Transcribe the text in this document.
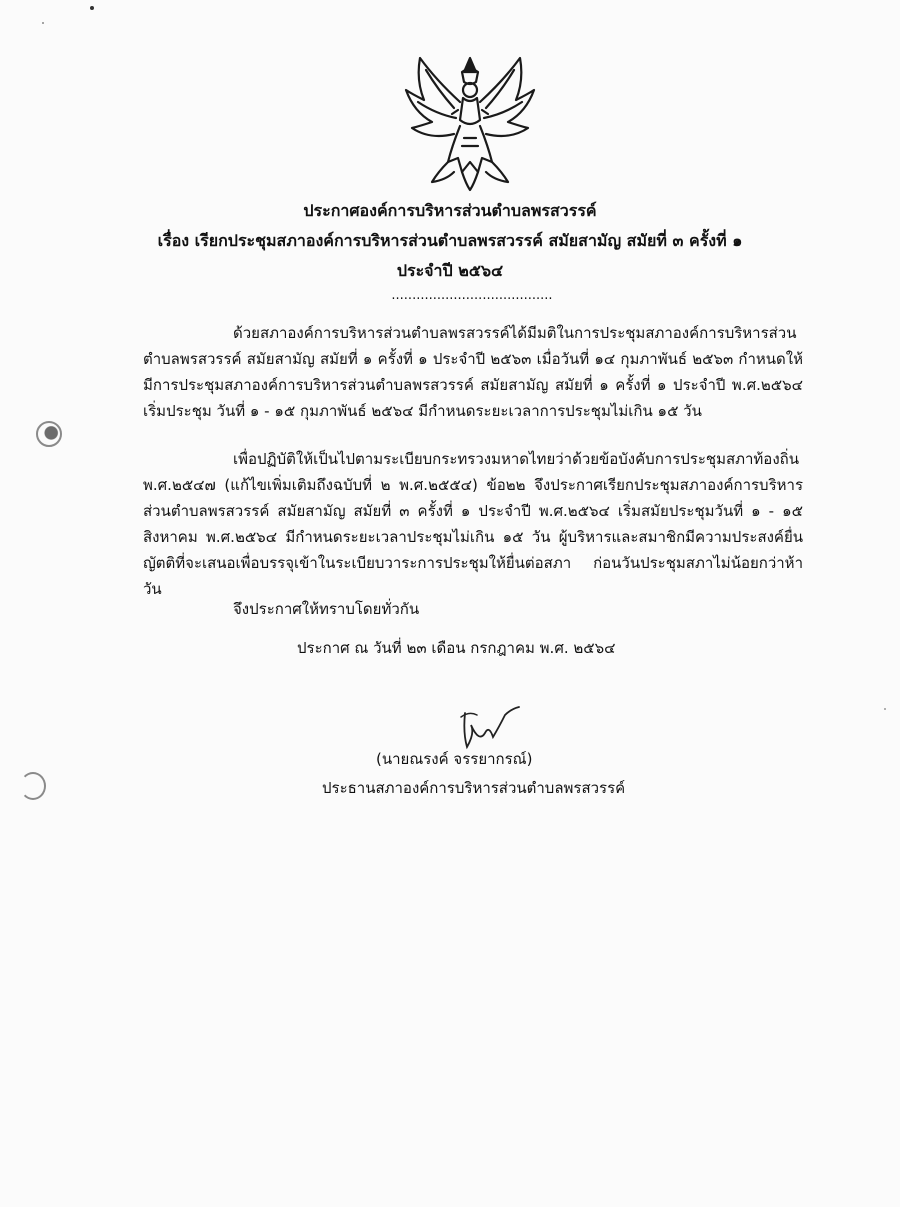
ประกาศองค์การบริหารส่วนตำบลพรสวรรค์
เรื่อง เรียกประชุมสภาองค์การบริหารส่วนตำบลพรสวรรค์ สมัยสามัญ สมัยที่ ๓ ครั้งที่ ๑
ประจำปี ๒๕๖๔
.......................................
ด้วยสภาองค์การบริหารส่วนตำบลพรสวรรค์ได้มีมติในการประชุมสภาองค์การบริหารส่วนตำบลพรสวรรค์ สมัยสามัญ สมัยที่ ๑ ครั้งที่ ๑ ประจำปี ๒๕๖๓ เมื่อวันที่ ๑๔ กุมภาพันธ์ ๒๕๖๓ กำหนดให้มีการประชุมสภาองค์การบริหารส่วนตำบลพรสวรรค์ สมัยสามัญ สมัยที่ ๑ ครั้งที่ ๑ ประจำปี พ.ศ.๒๕๖๔ เริ่มประชุม วันที่ ๑ - ๑๕ กุมภาพันธ์ ๒๕๖๔ มีกำหนดระยะเวลาการประชุมไม่เกิน ๑๕ วัน
เพื่อปฏิบัติให้เป็นไปตามระเบียบกระทรวงมหาดไทยว่าด้วยข้อบังคับการประชุมสภาท้องถิ่น พ.ศ.๒๕๔๗ (แก้ไขเพิ่มเติมถึงฉบับที่ ๒ พ.ศ.๒๕๕๔) ข้อ๒๒ จึงประกาศเรียกประชุมสภาองค์การบริหารส่วนตำบลพรสวรรค์ สมัยสามัญ สมัยที่ ๓ ครั้งที่ ๑ ประจำปี พ.ศ.๒๕๖๔ เริ่มสมัยประชุมวันที่ ๑ - ๑๕ สิงหาคม พ.ศ.๒๕๖๔ มีกำหนดระยะเวลาประชุมไม่เกิน ๑๕ วัน ผู้บริหารและสมาชิกมีความประสงค์ยื่นญัตติที่จะเสนอเพื่อบรรจุเข้าในระเบียบวาระการประชุมให้ยื่นต่อสภา ก่อนวันประชุมสภาไม่น้อยกว่าห้าวัน
จึงประกาศให้ทราบโดยทั่วกัน
ประกาศ ณ วันที่ ๒๓ เดือน กรกฎาคม พ.ศ. ๒๕๖๔
(นายณรงค์ จรรยากรณ์)
ประธานสภาองค์การบริหารส่วนตำบลพรสวรรค์
